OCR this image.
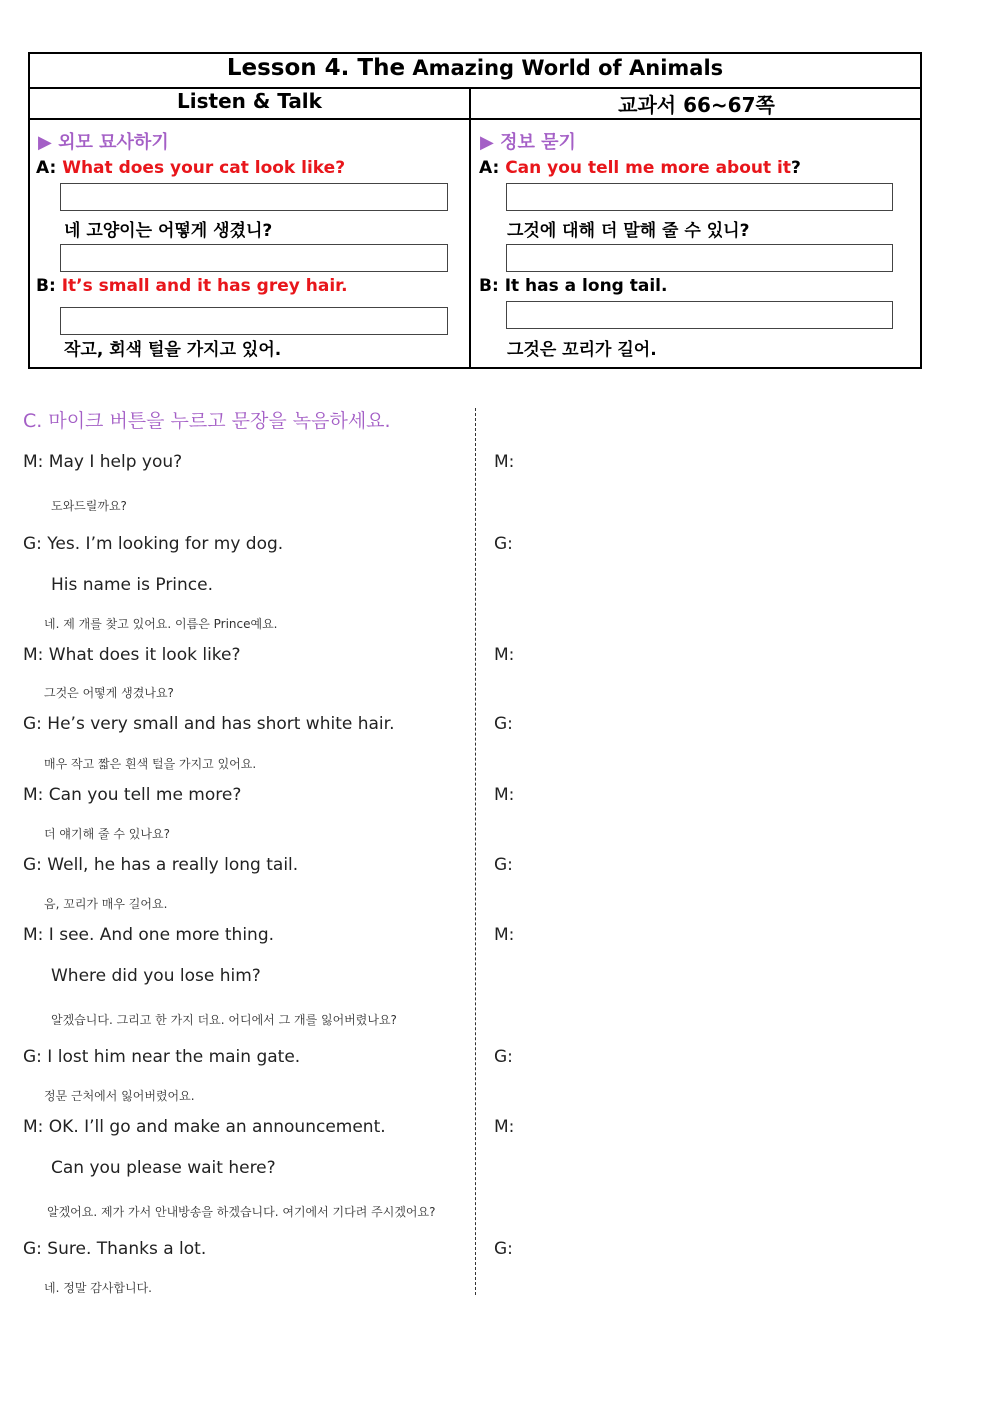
Lesson 4. The Amazing World of Animals
Listen & Talk	교과서 66~67쪽
▶ 외모 묘사하기
A: What does your cat look like?
네 고양이는 어떻게 생겼니?
B: It’s small and it has grey hair.
작고, 회색 털을 가지고 있어.
▶ 정보 묻기
A: Can you tell me more about it?
그것에 대해 더 말해 줄 수 있니?
B: It has a long tail.
그것은 꼬리가 길어.
C. 마이크 버튼을 누르고 문장을 녹음하세요.
M: May I help you?
도와드릴까요?
G: Yes. I’m looking for my dog.
His name is Prince.
네. 제 개를 찾고 있어요. 이름은 Prince예요.
M: What does it look like?
그것은 어떻게 생겼나요?
G: He’s very small and has short white hair.
매우 작고 짧은 흰색 털을 가지고 있어요.
M: Can you tell me more?
더 얘기해 줄 수 있나요?
G: Well, he has a really long tail.
음, 꼬리가 매우 길어요.
M: I see. And one more thing.
Where did you lose him?
알겠습니다. 그리고 한 가지 더요. 어디에서 그 개를 잃어버렸나요?
G: I lost him near the main gate.
정문 근처에서 잃어버렸어요.
M: OK. I’ll go and make an announcement.
Can you please wait here?
알겠어요. 제가 가서 안내방송을 하겠습니다. 여기에서 기다려 주시겠어요?
G: Sure. Thanks a lot.
네. 정말 감사합니다.
M:
G:
M:
G:
M:
G:
M:
G:
M:
G:
